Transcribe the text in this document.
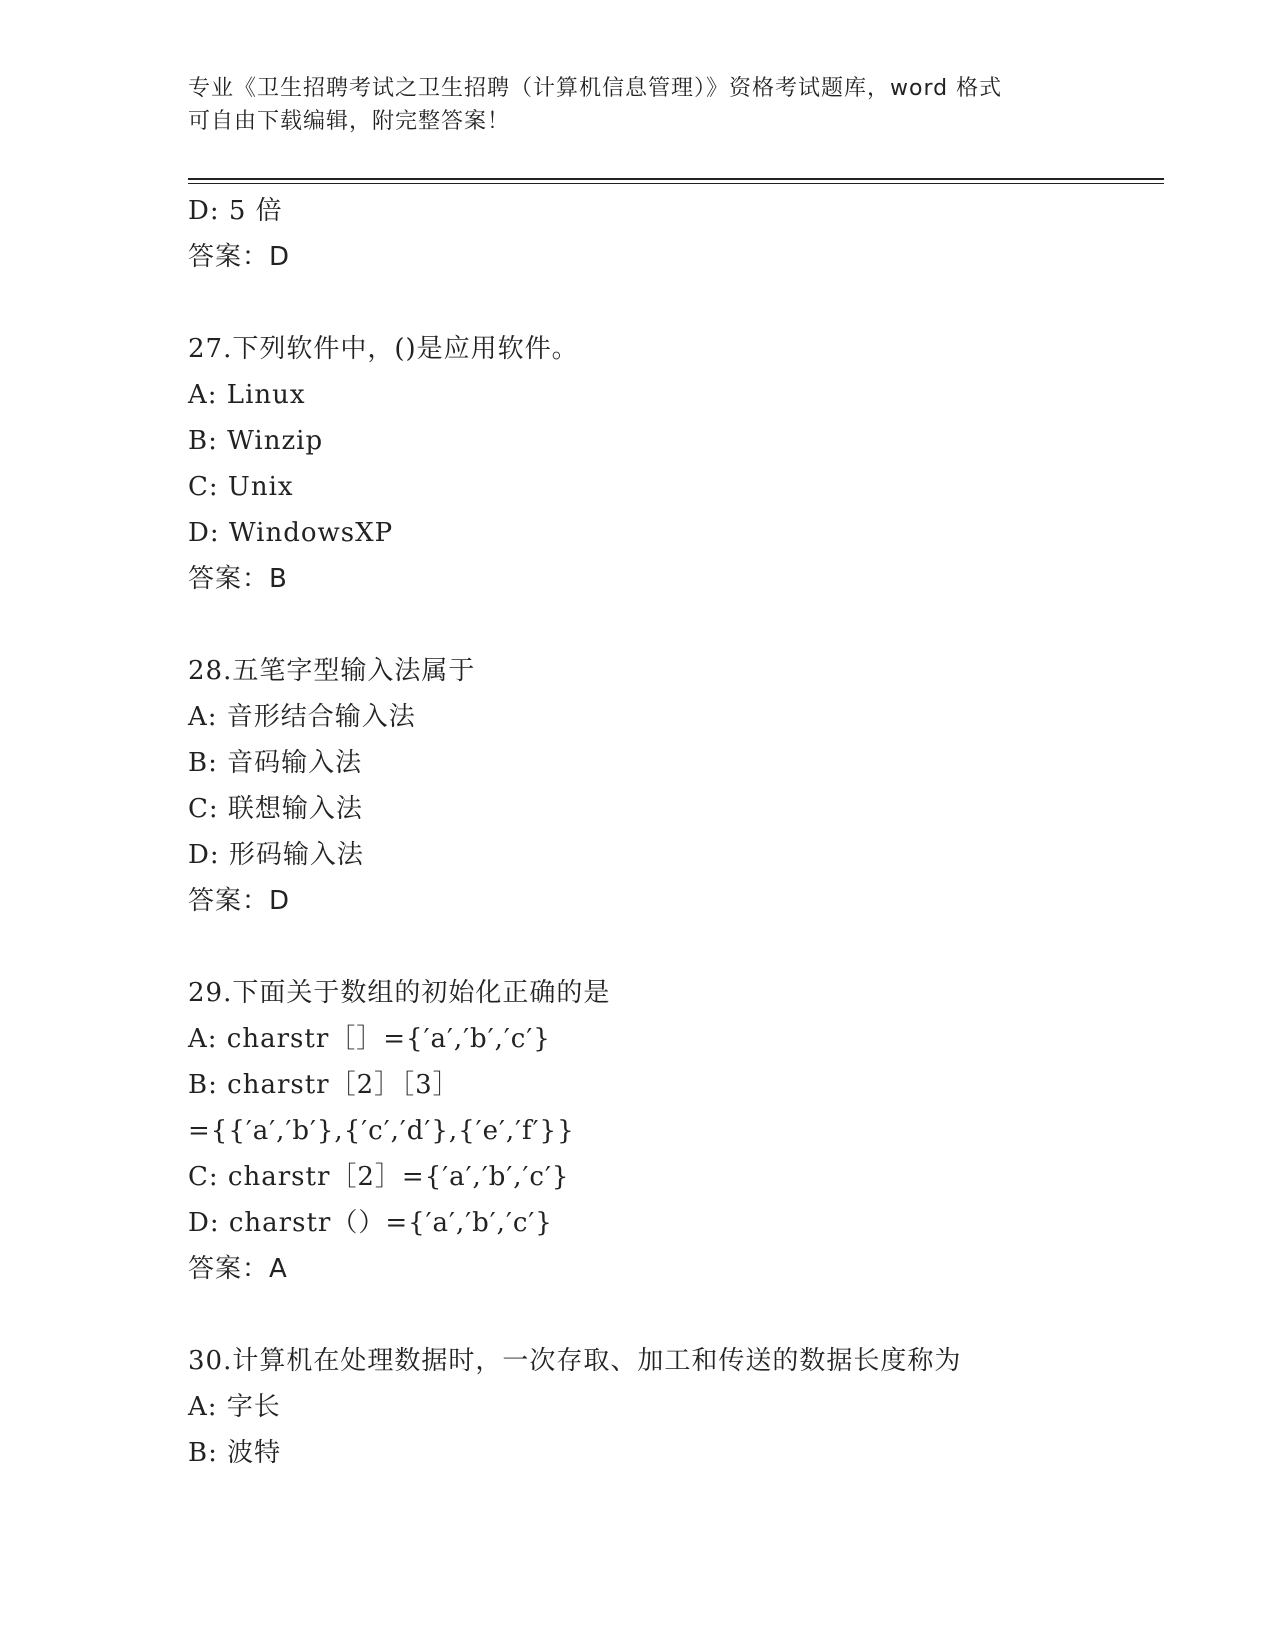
专业《卫生招聘考试之卫生招聘（计算机信息管理）》资格考试题库，word 格式
可自由下载编辑，附完整答案！
D: 5 倍
答案：D
27.下列软件中，()是应用软件。
A: Linux
B: Winzip
C: Unix
D: WindowsXP
答案：B
28.五笔字型输入法属于
A: 音形结合输入法
B: 音码输入法
C: 联想输入法
D: 形码输入法
答案：D
29.下面关于数组的初始化正确的是
A: charstr［］={′a′,′b′,′c′}
B: charstr［2］［3］
={{′a′,′b′},{′c′,′d′},{′e′,′f′}}
C: charstr［2］={′a′,′b′,′c′}
D: charstr（）={′a′,′b′,′c′}
答案：A
30.计算机在处理数据时，一次存取、加工和传送的数据长度称为
A: 字长
B: 波特
